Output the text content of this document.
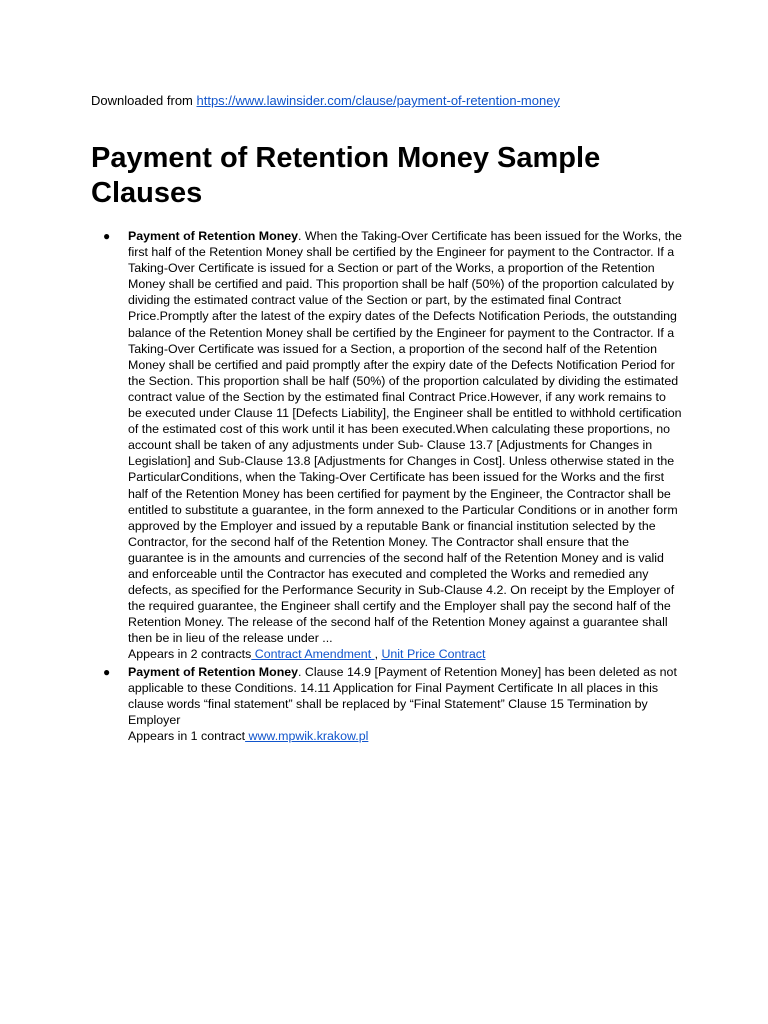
Downloaded from https://www.lawinsider.com/clause/payment-of-retention-money
Payment of Retention Money Sample Clauses
● Payment of Retention Money. When the Taking-Over Certificate has been issued for the Works, the first half of the Retention Money shall be certified by the Engineer for payment to the Contractor. If a Taking-Over Certificate is issued for a Section or part of the Works, a proportion of the Retention Money shall be certified and paid. This proportion shall be half (50%) of the proportion calculated by dividing the estimated contract value of the Section or part, by the estimated final Contract Price.Promptly after the latest of the expiry dates of the Defects Notification Periods, the outstanding balance of the Retention Money shall be certified by the Engineer for payment to the Contractor. If a Taking-Over Certificate was issued for a Section, a proportion of the second half of the Retention Money shall be certified and paid promptly after the expiry date of the Defects Notification Period for the Section. This proportion shall be half (50%) of the proportion calculated by dividing the estimated contract value of the Section by the estimated final Contract Price.However, if any work remains to be executed under Clause 11 [Defects Liability], the Engineer shall be entitled to withhold certification of the estimated cost of this work until it has been executed.When calculating these proportions, no account shall be taken of any adjustments under Sub- Clause 13.7 [Adjustments for Changes in Legislation] and Sub-Clause 13.8 [Adjustments for Changes in Cost]. Unless otherwise stated in the ParticularConditions, when the Taking-Over Certificate has been issued for the Works and the first half of the Retention Money has been certified for payment by the Engineer, the Contractor shall be entitled to substitute a guarantee, in the form annexed to the Particular Conditions or in another form approved by the Employer and issued by a reputable Bank or financial institution selected by the Contractor, for the second half of the Retention Money. The Contractor shall ensure that the guarantee is in the amounts and currencies of the second half of the Retention Money and is valid and enforceable until the Contractor has executed and completed the Works and remedied any defects, as specified for the Performance Security in Sub-Clause 4.2. On receipt by the Employer of the required guarantee, the Engineer shall certify and the Employer shall pay the second half of the Retention Money. The release of the second half of the Retention Money against a guarantee shall then be in lieu of the release under ...
Appears in 2 contracts Contract Amendment , Unit Price Contract
● Payment of Retention Money. Clause 14.9 [Payment of Retention Money] has been deleted as not applicable to these Conditions. 14.11 Application for Final Payment Certificate In all places in this clause words “final statement” shall be replaced by “Final Statement” Clause 15 Termination by Employer
Appears in 1 contract www.mpwik.krakow.pl
